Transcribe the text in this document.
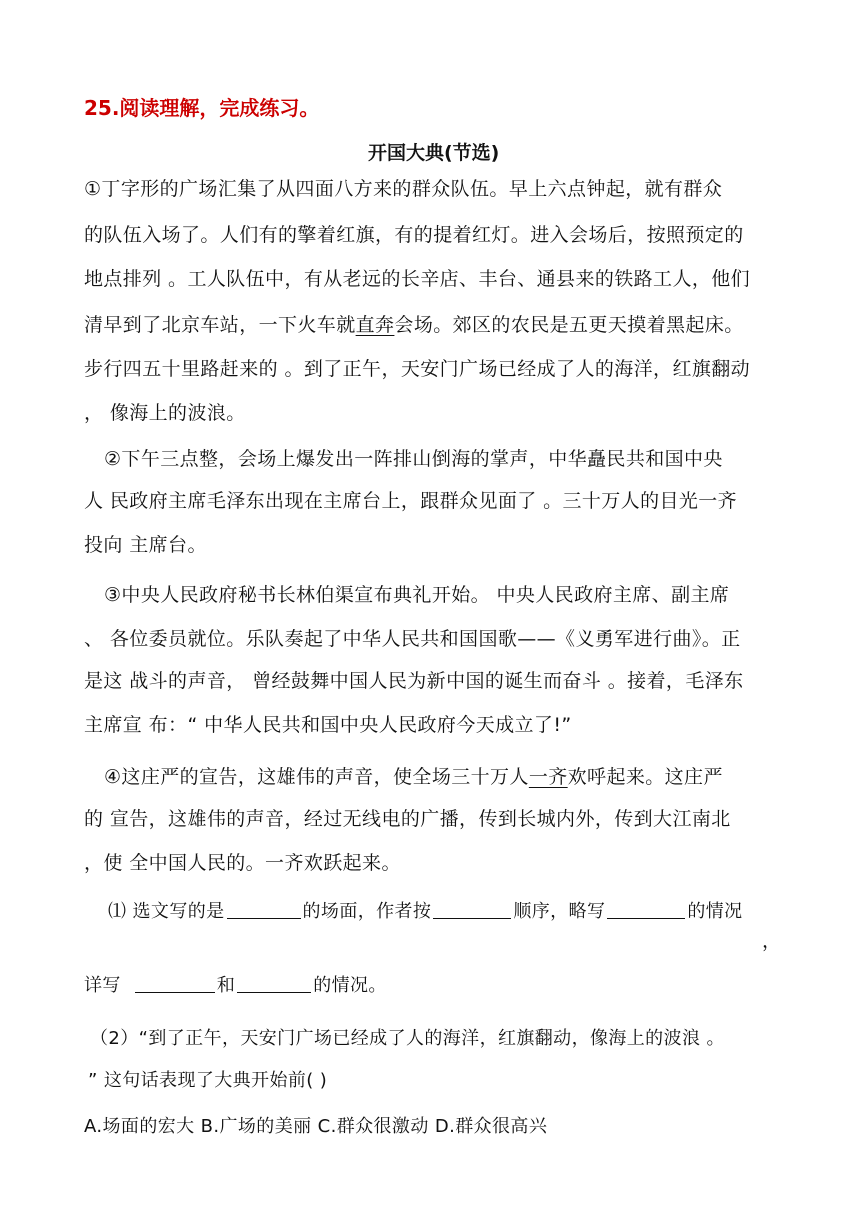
25.阅读理解，完成练习。
开国大典(节选)
①丁字形的广场汇集了从四面八方来的群众队伍。早上六点钟起，就有群众
的队伍入场了。人们有的擎着红旗，有的提着红灯。进入会场后，按照预定的
地点排列 。工人队伍中，有从老远的长辛店、丰台、通县来的铁路工人，他们
清早到了北京车站，一下火车就直奔会场。郊区的农民是五更天摸着黑起床。
步行四五十里路赶来的 。到了正午，天安门广场已经成了人的海洋，红旗翻动
， 像海上的波浪。
②下午三点整，会场上爆发出一阵排山倒海的掌声，中华矗民共和国中央
人 民政府主席毛泽东出现在主席台上，跟群众见面了 。三十万人的目光一齐
投向 主席台。
③中央人民政府秘书长林伯渠宣布典礼开始。 中央人民政府主席、副主席
、 各位委员就位。乐队奏起了中华人民共和国国歌——《义勇军进行曲》。正
是这 战斗的声音， 曾经鼓舞中国人民为新中国的诞生而奋斗 。接着，毛泽东
主席宣 布：“ 中华人民共和国中央人民政府今天成立了!”
④这庄严的宣告，这雄伟的声音，使全场三十万人一齐欢呼起来。这庄严
的 宣告，这雄伟的声音，经过无线电的广播，传到长城内外，传到大江南北
，使 全中国人民的。一齐欢跃起来。
⑴ 选文写的是	的场面，作者按	顺序，略写	的情况
，
详写	和	的情况。
（2）“到了正午，天安门广场已经成了人的海洋，红旗翻动，像海上的波浪 。
” 这句话表现了大典开始前( )
A.场面的宏大 B.广场的美丽 C.群众很激动 D.群众很高兴
